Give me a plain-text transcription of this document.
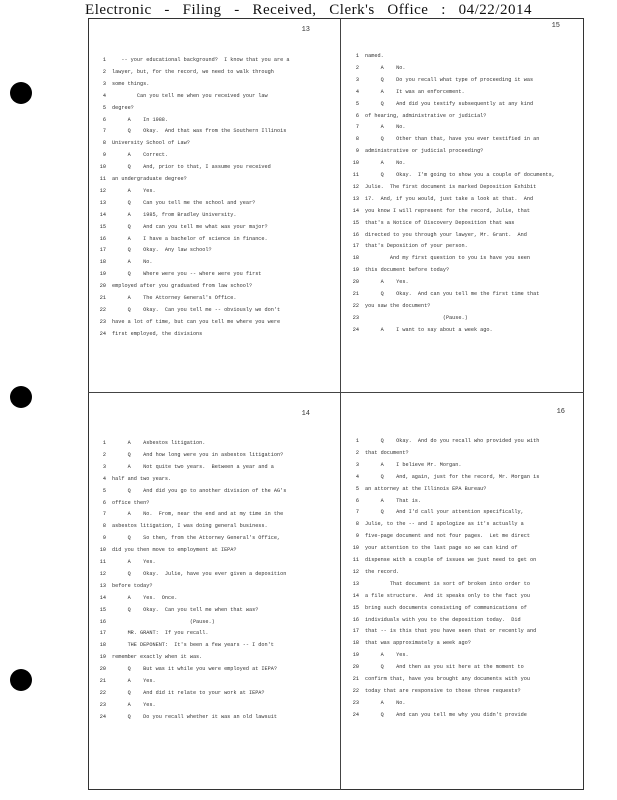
Electronic   -   Filing   -   Received,   Clerk's   Office   :   04/22/2014
13	15
14	16
1   -- your educational background?  I know that you are a
2 lawyer, but, for the record, we need to walk through
3 some things.
4        Can you tell me when you received your law
5 degree?
6     A    In 1988.
7     Q    Okay.  And that was from the Southern Illinois
8 University School of Law?
9     A    Correct.
10     Q    And, prior to that, I assume you received
11 an undergraduate degree?
12     A    Yes.
13     Q    Can you tell me the school and year?
14     A    1985, from Bradley University.
15     Q    And can you tell me what was your major?
16     A    I have a bachelor of science in finance.
17     Q    Okay.  Any law school?
18     A    No.
19     Q    Where were you -- where were you first
20 employed after you graduated from law school?
21     A    The Attorney General's Office.
22     Q    Okay.  Can you tell me -- obviously we don't
23 have a lot of time, but can you tell me where you were
24 first employed, the divisions
1 named.
2     A    No.
3     Q    Do you recall what type of proceeding it was
4     A    It was an enforcement.
5     Q    And did you testify subsequently at any kind
6 of hearing, administrative or judicial?
7     A    No.
8     Q    Other than that, have you ever testified in an
9 administrative or judicial proceeding?
10     A    No.
11     Q    Okay.  I'm going to show you a couple of documents,
12 Julie.  The first document is marked Deposition Exhibit
13 17.  And, if you would, just take a look at that.  And
14 you know I will represent for the record, Julie, that
15 that's a Notice of Discovery Deposition that was
16 directed to you through your lawyer, Mr. Grant.  And
17 that's Deposition of your person.
18        And my first question to you is have you seen
19 this document before today?
20     A    Yes.
21     Q    Okay.  And can you tell me the first time that
22 you saw the document?
23                         (Pause.)
24     A    I want to say about a week ago.
1     A    Asbestos litigation.
2     Q    And how long were you in asbestos litigation?
3     A    Not quite two years.  Between a year and a
4 half and two years.
5     Q    And did you go to another division of the AG's
6 office then?
7     A    No.  From, near the end and at my time in the
8 asbestos litigation, I was doing general business.
9     Q    So then, from the Attorney General's Office,
10 did you then move to employment at IEPA?
11     A    Yes.
12     Q    Okay.  Julie, have you ever given a deposition
13 before today?
14     A    Yes.  Once.
15     Q    Okay.  Can you tell me when that was?
16                         (Pause.)
17     MR. GRANT:  If you recall.
18     THE DEPONENT:  It's been a few years -- I don't
19 remember exactly when it was.
20     Q    But was it while you were employed at IEPA?
21     A    Yes.
22     Q    And did it relate to your work at IEPA?
23     A    Yes.
24     Q    Do you recall whether it was an old lawsuit
1     Q    Okay.  And do you recall who provided you with
2 that document?
3     A    I believe Mr. Morgan.
4     Q    And, again, just for the record, Mr. Morgan is
5 an attorney at the Illinois EPA Bureau?
6     A    That is.
7     Q    And I'd call your attention specifically,
8 Julie, to the -- and I apologize as it's actually a
9 five-page document and not four pages.  Let me direct
10 your attention to the last page so we can kind of
11 dispense with a couple of issues we just need to get on
12 the record.
13        That document is sort of broken into order to
14 a file structure.  And it speaks only to the fact you
15 bring such documents consisting of communications of
16 individuals with you to the deposition today.  Did
17 that -- is this that you have seen that or recently and
18 that was approximately a week ago?
19     A    Yes.
20     Q    And then as you sit here at the moment to
21 confirm that, have you brought any documents with you
22 today that are responsive to those three requests?
23     A    No.
24     Q    And can you tell me why you didn't provide
